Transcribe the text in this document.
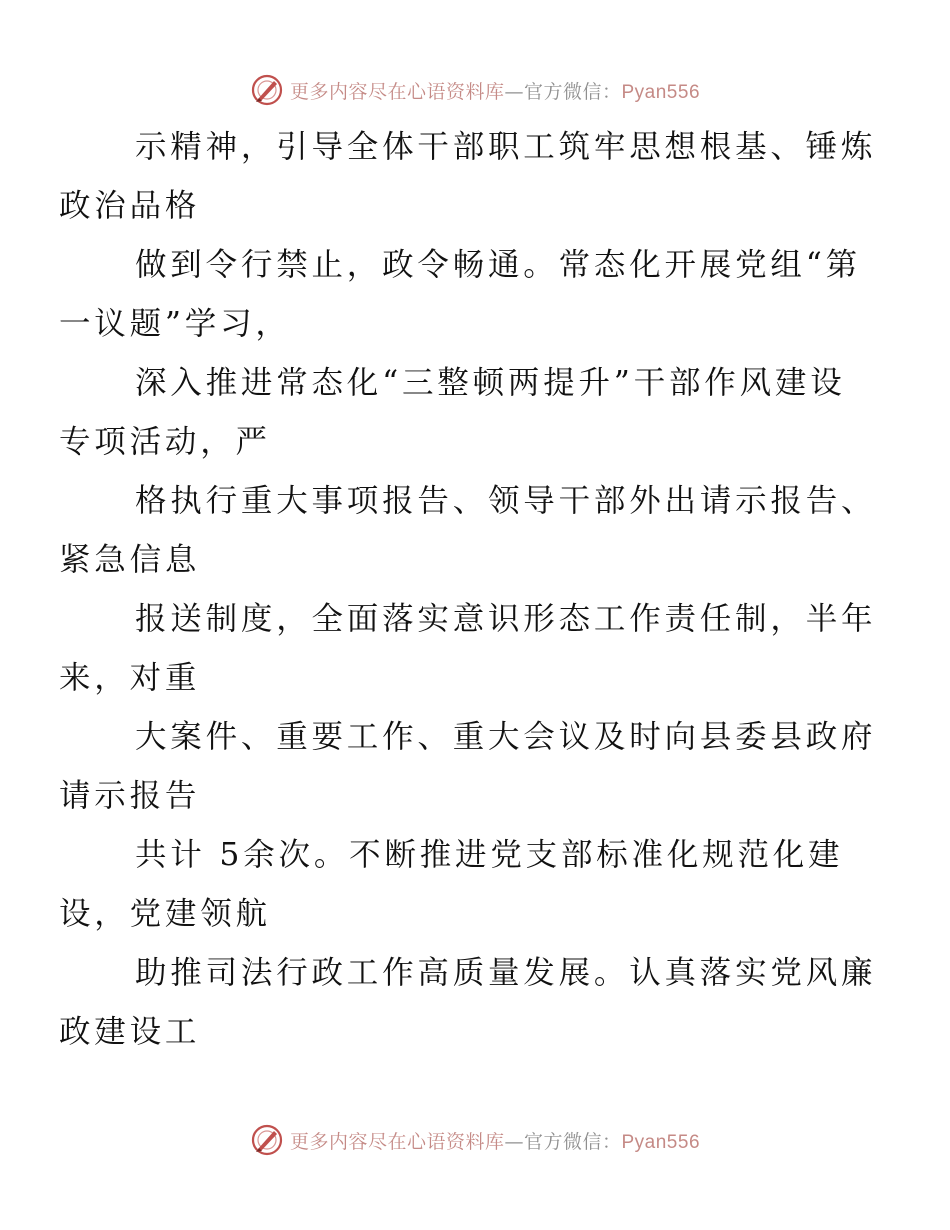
更多内容尽在心语资料库—官方微信：Pyan556

示精神，引导全体干部职工筑牢思想根基、锤炼
政治品格

做到令行禁止，政令畅通。常态化开展党组“第
一议题”学习，

深入推进常态化“三整顿两提升”干部作风建设
专项活动，严

格执行重大事项报告、领导干部外出请示报告、
紧急信息

报送制度，全面落实意识形态工作责任制，半年
来，对重

大案件、重要工作、重大会议及时向县委县政府
请示报告

共计 5余次。不断推进党支部标准化规范化建
设，党建领航

助推司法行政工作高质量发展。认真落实党风廉
政建设工

更多内容尽在心语资料库—官方微信：Pyan556
